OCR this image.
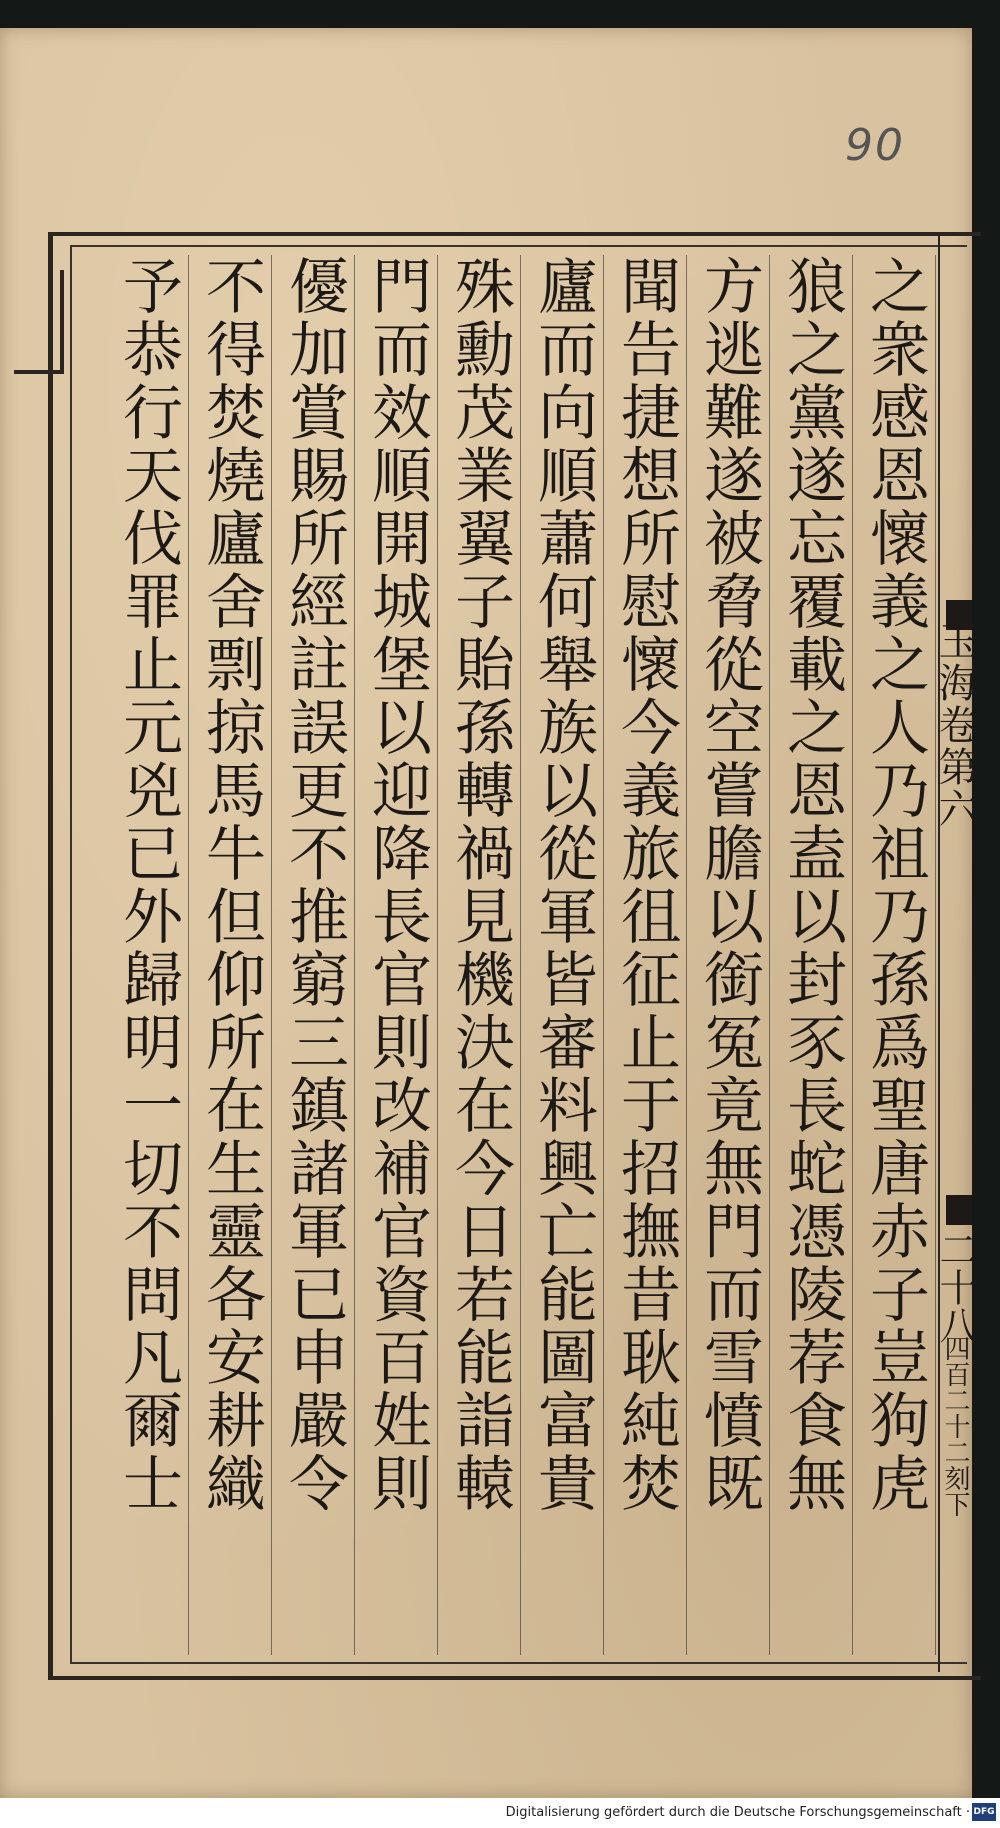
90
之衆感恩懷義之人乃祖乃孫爲聖唐赤子豈狗虎
狼之黨遂忘覆載之恩盍以封豕長蛇憑陵荐食無
方逃難遂被脅從空嘗膽以銜冤竟無門而雪憤既
聞告捷想所慰懷今義旅徂征止于招撫昔耿純焚
廬而向順蕭何舉族以從軍皆審料興亡能圖富貴
殊勳茂業翼子貽孫轉禍見機決在今日若能詣轅
門而效順開城堡以迎降長官則改補官資百姓則
優加賞賜所經註誤更不推窮三鎮諸軍已申嚴令
不得焚燒廬舍剽掠馬牛但仰所在生靈各安耕織
予恭行天伐罪止元兇已外歸明一切不問凡爾士	玉海卷第六
二十八
四百二十二刻下
Digitalisierung gefördert durch die Deutsche Forschungsgemeinschaft · DFG
